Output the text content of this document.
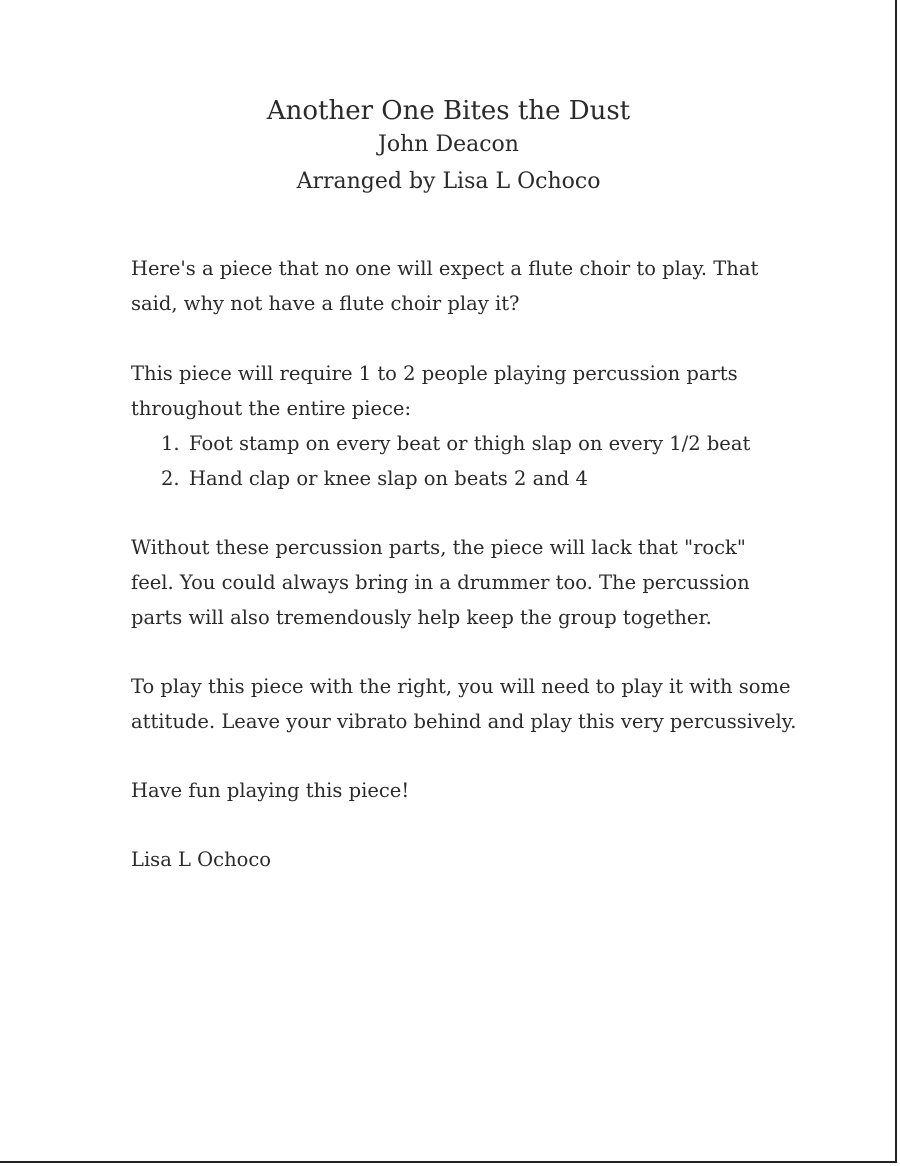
Another One Bites the Dust
John Deacon
Arranged by Lisa L Ochoco
Here's a piece that no one will expect a flute choir to play. That
said, why not have a flute choir play it?
This piece will require 1 to 2 people playing percussion parts
throughout the entire piece:
1. Foot stamp on every beat or thigh slap on every 1/2 beat
2. Hand clap or knee slap on beats 2 and 4
Without these percussion parts, the piece will lack that "rock"
feel. You could always bring in a drummer too. The percussion
parts will also tremendously help keep the group together.
To play this piece with the right, you will need to play it with some
attitude. Leave your vibrato behind and play this very percussively.
Have fun playing this piece!
Lisa L Ochoco
